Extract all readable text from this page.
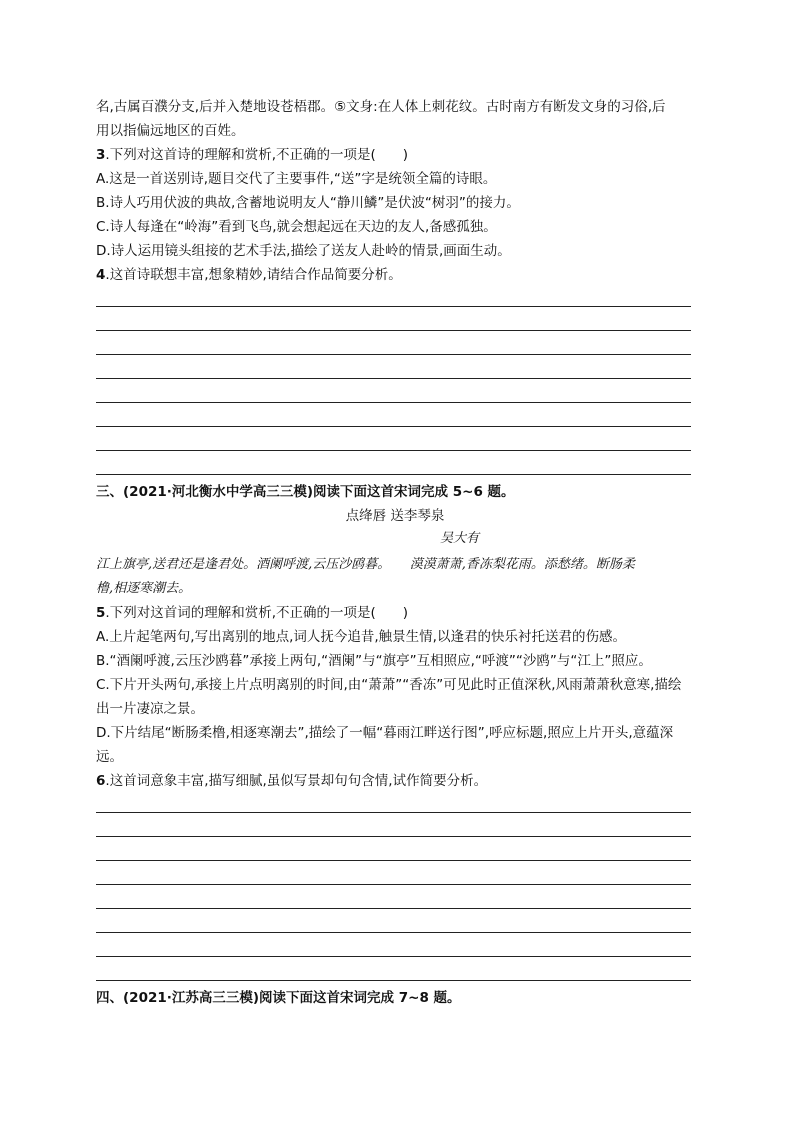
名,古属百濮分支,后并入楚地设苍梧郡。⑤文身:在人体上刺花纹。古时南方有断发文身的习俗,后
用以指偏远地区的百姓。
3.下列对这首诗的理解和赏析,不正确的一项是(　　)
A.这是一首送别诗,题目交代了主要事件,“送”字是统领全篇的诗眼。
B.诗人巧用伏波的典故,含蓄地说明友人“静川鱗”是伏波“树羽”的接力。
C.诗人每逢在“岭海”看到飞鸟,就会想起远在天边的友人,备感孤独。
D.诗人运用镜头组接的艺术手法,描绘了送友人赴岭的情景,画面生动。
4.这首诗联想丰富,想象精妙,请结合作品简要分析。
三、(2021·河北衡水中学高三三模)阅读下面这首宋词完成 5~6 题。
点绛唇 送李琴泉
吴大有
江上旗亭,送君还是逢君处。酒阑呼渡,云压沙鸥暮。　　漠漠萧萧,香冻梨花雨。添愁绪。断肠柔
橹,相逐寒潮去。
5.下列对这首词的理解和赏析,不正确的一项是(　　)
A.上片起笔两句,写出离别的地点,词人抚今追昔,触景生情,以逢君的快乐衬托送君的伤感。
B.“酒阑呼渡,云压沙鸥暮”承接上两句,“酒阑”与“旗亭”互相照应,“呼渡”“沙鸥”与“江上”照应。
C.下片开头两句,承接上片点明离别的时间,由“萧萧”“香冻”可见此时正值深秋,风雨萧萧秋意寒,描绘
出一片凄凉之景。
D.下片结尾“断肠柔橹,相逐寒潮去”,描绘了一幅“暮雨江畔送行图”,呼应标题,照应上片开头,意蕴深
远。
6.这首词意象丰富,描写细腻,虽似写景却句句含情,试作简要分析。
四、(2021·江苏高三三模)阅读下面这首宋词完成 7~8 题。
